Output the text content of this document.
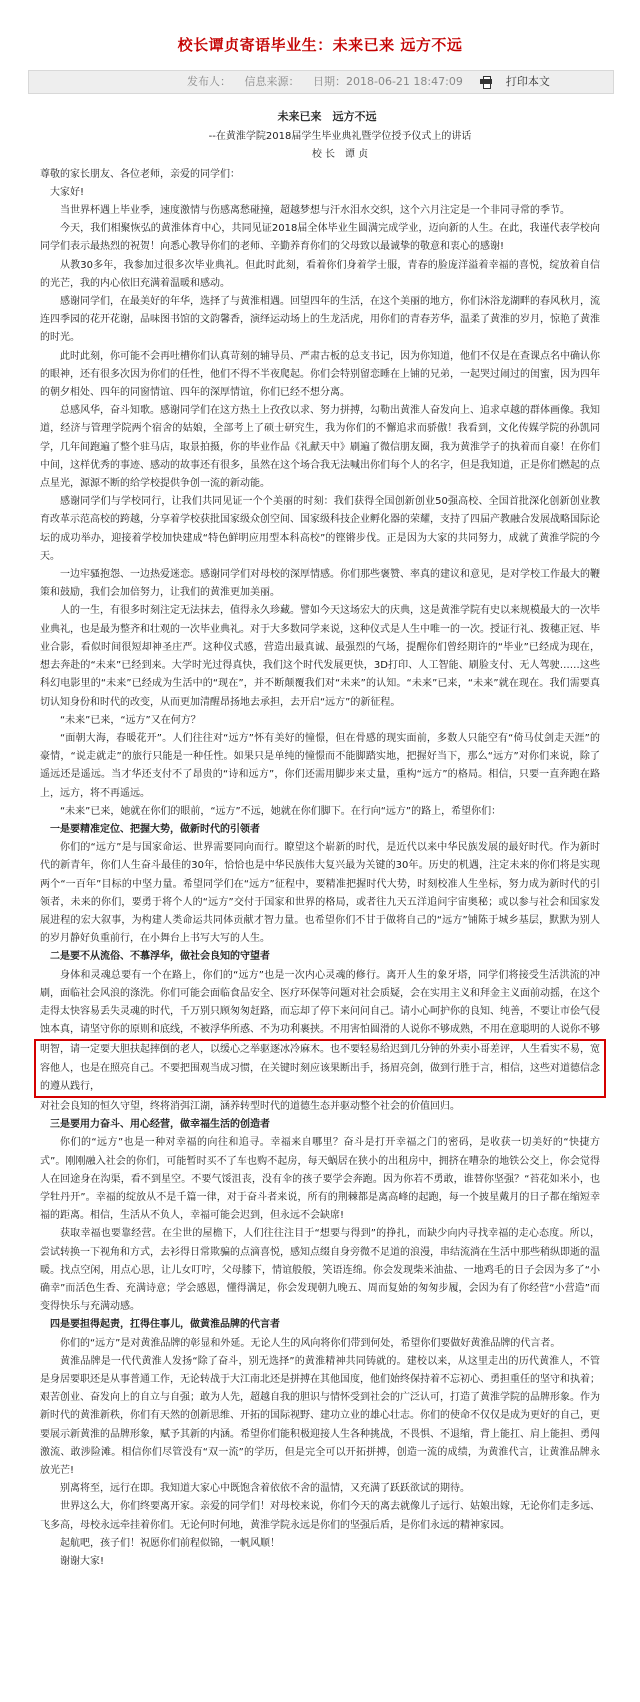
校长谭贞寄语毕业生：未来已来 远方不远
发布人： 信息来源： 日期：2018-06-21 18:47:09	打印本文
未来已来　远方不远
--在黄淮学院2018届学生毕业典礼暨学位授予仪式上的讲话
校 长　谭 贞

尊敬的家长朋友、各位老师，亲爱的同学们：

大家好!

当世界杯遇上毕业季，速度激情与伤感离愁碰撞，超越梦想与汗水泪水交织，这个六月注定是一个非同寻常的季节。

今天，我们相聚恢弘的黄淮体育中心，共同见证2018届全体毕业生圆满完成学业，迈向新的人生。在此，我谨代表学校向同学们表示最热烈的祝贺！向悉心教导你们的老师、辛勤养育你们的父母致以最诚挚的敬意和衷心的感谢!

从教30多年，我参加过很多次毕业典礼。但此时此刻，看着你们身着学士服，青春的脸庞洋溢着幸福的喜悦，绽放着自信的光芒，我的内心依旧充满着温暖和感动。

感谢同学们，在最美好的年华，选择了与黄淮相遇。回望四年的生活，在这个美丽的地方，你们沐浴龙湖畔的春风秋月，流连四季园的花开花谢，品味图书馆的文韵馨香，演绎运动场上的生龙活虎，用你们的青春芳华，温柔了黄淮的岁月，惊艳了黄淮的时光。

此时此刻，你可能不会再吐槽你们认真苛刻的辅导员、严肃古板的总支书记，因为你知道，他们不仅是在查课点名中确认你的眼神，还有很多次因为你们的任性，他们不得不半夜爬起。你们会特别留恋睡在上铺的兄弟，一起哭过闹过的闺蜜，因为四年的朝夕相处、四年的同窗情谊、四年的深厚情谊，你们已经不想分离。

总感风华，奋斗知歌。感谢同学们在这方热土上孜孜以求、努力拼搏，勾勒出黄淮人奋发向上、追求卓越的群体画像。我知道，经济与管理学院两个宿舍的姑娘，全部考上了硕士研究生，我为你们的不懈追求而骄傲！我看到，文化传媒学院的孙凯同学，几年间跑遍了整个驻马店，取景拍摄，你的毕业作品《礼献天中》刷遍了微信朋友圈，我为黄淮学子的执着而自豪！在你们中间，这样优秀的事迹、感动的故事还有很多，虽然在这个场合我无法喊出你们每个人的名字，但是我知道，正是你们燃起的点点星光，源源不断的给学校提供争创一流的新动能。

感谢同学们与学校同行，让我们共同见证一个个美丽的时刻：我们获得全国创新创业50强高校、全国首批深化创新创业教育改革示范高校的跨越，分享着学校获批国家级众创空间、国家级科技企业孵化器的荣耀，支持了四届产教融合发展战略国际论坛的成功举办，迎接着学校加快建成“特色鲜明应用型本科高校”的铿锵步伐。正是因为大家的共同努力，成就了黄淮学院的今天。

一边牢骚抱怨、一边热爱迷恋。感谢同学们对母校的深厚情感。你们那些褒赞、率真的建议和意见，是对学校工作最大的鞭策和鼓励，我们会加倍努力，让我们的黄淮更加美丽。

人的一生，有很多时刻注定无法抹去，值得永久珍藏。譬如今天这场宏大的庆典，这是黄淮学院有史以来规模最大的一次毕业典礼，也是最为整齐和壮观的一次毕业典礼。对于大多数同学来说，这种仪式是人生中唯一的一次。授证行礼、拨穗正冠、毕业合影，看似时间很短却神圣庄严。这种仪式感，营造出最真诚、最强烈的气场，提醒你们曾经期许的“毕业”已经成为现在，想去奔赴的“未来”已经到来。大学时光过得真快，我们这个时代发展更快，3D打印、人工智能、刷脸支付、无人驾驶……这些科幻电影里的“未来”已经成为生活中的“现在”，并不断颠覆我们对“未来”的认知。“未来”已来，“未来”就在现在。我们需要真切认知身份和时代的改变，从而更加清醒昂扬地去承担，去开启“远方”的新征程。

“未来”已来，“远方”又在何方？

“面朝大海，春暖花开”。人们往往对“远方”怀有美好的憧憬，但在骨感的现实面前，多数人只能空有“倚马仗剑走天涯”的豪情，“说走就走”的旅行只能是一种任性。如果只是单纯的憧憬而不能脚踏实地，把握好当下，那么“远方”对你们来说，除了遥远还是遥远。当才华还支付不了昂贵的“诗和远方”，你们还需用脚步来丈量，重构“远方”的格局。相信，只要一直奔跑在路上，远方，将不再遥远。

“未来”已来，她就在你们的眼前，“远方”不远，她就在你们脚下。在行向“远方”的路上，希望你们：

一是要精准定位、把握大势，做新时代的引领者

你们的“远方”是与国家命运、世界需要同向而行。瞭望这个崭新的时代，是近代以来中华民族发展的最好时代。作为新时代的新青年，你们人生奋斗最佳的30年，恰恰也是中华民族伟大复兴最为关键的30年。历史的机遇，注定未来的你们将是实现两个“一百年”目标的中坚力量。希望同学们在“远方”征程中，要精准把握时代大势，时刻校准人生坐标，努力成为新时代的引领者，未来的你们，要勇于将个人的“远方”交付于国家和世界的格局，或者往九天五洋追问宇宙奥秘；或以参与社会和国家发展进程的宏大叙事，为构建人类命运共同体贡献才智力量。也希望你们不甘于做将自己的“远方”铺陈于城乡基层，默默为别人的岁月静好负重前行，在小舞台上书写大写的人生。

二是要不从流俗、不慕浮华，做社会良知的守望者

身体和灵魂总要有一个在路上，你们的“远方”也是一次内心灵魂的修行。离开人生的象牙塔，同学们将接受生活洪流的冲刷，面临社会风浪的涤洗。你们可能会面临食品安全、医疗环保等问题对社会质疑，会在实用主义和拜金主义面前动摇，在这个走得太快容易丢失灵魂的时代，千万别只顾匆匆赶路，而忘却了停下来问问自己。请小心呵护你的良知、纯善，不要让市侩气侵蚀本真，请坚守你的原则和底线，不被浮华所惑、不为功利裹挟。不用害怕圆滑的人说你不够成熟，不用在意聪明的人说你不够

明智，请一定要大胆扶起摔倒的老人，以缓心之举驱逐冰冷麻木。也不要轻易给迟到几分钟的外卖小哥差评，人生看实不易，宽容他人，也是在照亮自己。不要把围观当成习惯，在关键时刻应该果断出手，扬眉亮剑，做到行胜于言，相信，这些对道德信念的遵从践行，

对社会良知的恒久守望，终将消弭江湖，涵养转型时代的道德生态并驱动整个社会的价值回归。

三是要用力奋斗、用心经营，做幸福生活的创造者

你们的“远方”也是一种对幸福的向往和追寻。幸福来自哪里？奋斗是打开幸福之门的密码，是收获一切美好的“快捷方式”。刚刚融入社会的你们，可能暂时买不了车也购不起房，每天蜗居在狭小的出租房中，拥挤在嘈杂的地铁公交上，你会觉得人在回途身在沟渠，看不到星空。不要气馁沮丧，没有伞的孩子要学会奔跑。因为你若不勇敢，谁替你坚强？“苔花如米小，也学牡丹开”。幸福的绽放从不是千篇一律，对于奋斗者来说，所有的荆棘都是离高峰的起跑，每一个披星戴月的日子都在缩短幸福的距离。相信，生活从不负人，幸福可能会迟到，但永远不会缺席!

获取幸福也要靠经营。在尘世的屋檐下，人们往往注目于“想要与得到”的挣扎，而缺少向内寻找幸福的走心态度。所以，尝试转换一下视角和方式，去衫得日常欺骗的点滴喜悦，感知点缀自身旁微不足道的浪漫，串结流淌在生活中那些稍纵即逝的温暖。找点空闲，用点心思，让儿女叮咛，父母膝下，情谊般般，笑语连绵。你会发现柴米油盐、一地鸡毛的日子会因为多了“小确幸”而活色生香、充满诗意；学会感恩，懂得满足，你会发现朝九晚五、周而复始的匆匆步履，会因为有了你经营“小营造”而变得快乐与充满动感。

四是要担得起责，扛得住事儿，做黄淮品牌的代言者

你们的“远方”是对黄淮品牌的彰显和外延。无论人生的风向将你们带到何处，希望你们要做好黄淮品牌的代言者。

黄淮品牌是一代代黄淮人发扬“除了奋斗，别无选择”的黄淮精神共同铸就的。建校以来，从这里走出的历代黄淮人，不管是身居要职还是从事普通工作，无论转战于大江南北还是拼搏在其他国度，他们始终保持着不忘初心、勇担重任的坚守和执着；艰苦创业、奋发向上的自立与自强；敢为人先，超越自我的胆识与情怀受到社会的广泛认可，打造了黄淮学院的品牌形象。作为新时代的黄淮新秩，你们有天然的创新思维、开拓的国际视野、建功立业的雄心壮志。你们的使命不仅仅是成为更好的自己，更要展示新黄淮的品牌形象，赋予其新的内涵。希望你们能积极迎接人生各种挑战，不畏惧、不退缩，背上能扛、肩上能担、勇闯激流、敢涉险滩。相信你们尽管没有“双一流”的学历，但是完全可以开拓拼搏，创造一流的成绩，为黄淮代言，让黄淮品牌永放光芒!

别离将至，远行在即。我知道大家心中既饱含着依依不舍的温情，又充满了跃跃欲试的期待。

世界这么大，你们终要离开家。亲爱的同学们！对母校来说，你们今天的离去就像儿子远行、姑娘出嫁，无论你们走多远、飞多高，母校永远牵挂着你们。无论何时何地，黄淮学院永远是你们的坚强后盾，是你们永远的精神家园。

起航吧，孩子们！祝愿你们前程似锦，一帆风顺！

谢谢大家!
